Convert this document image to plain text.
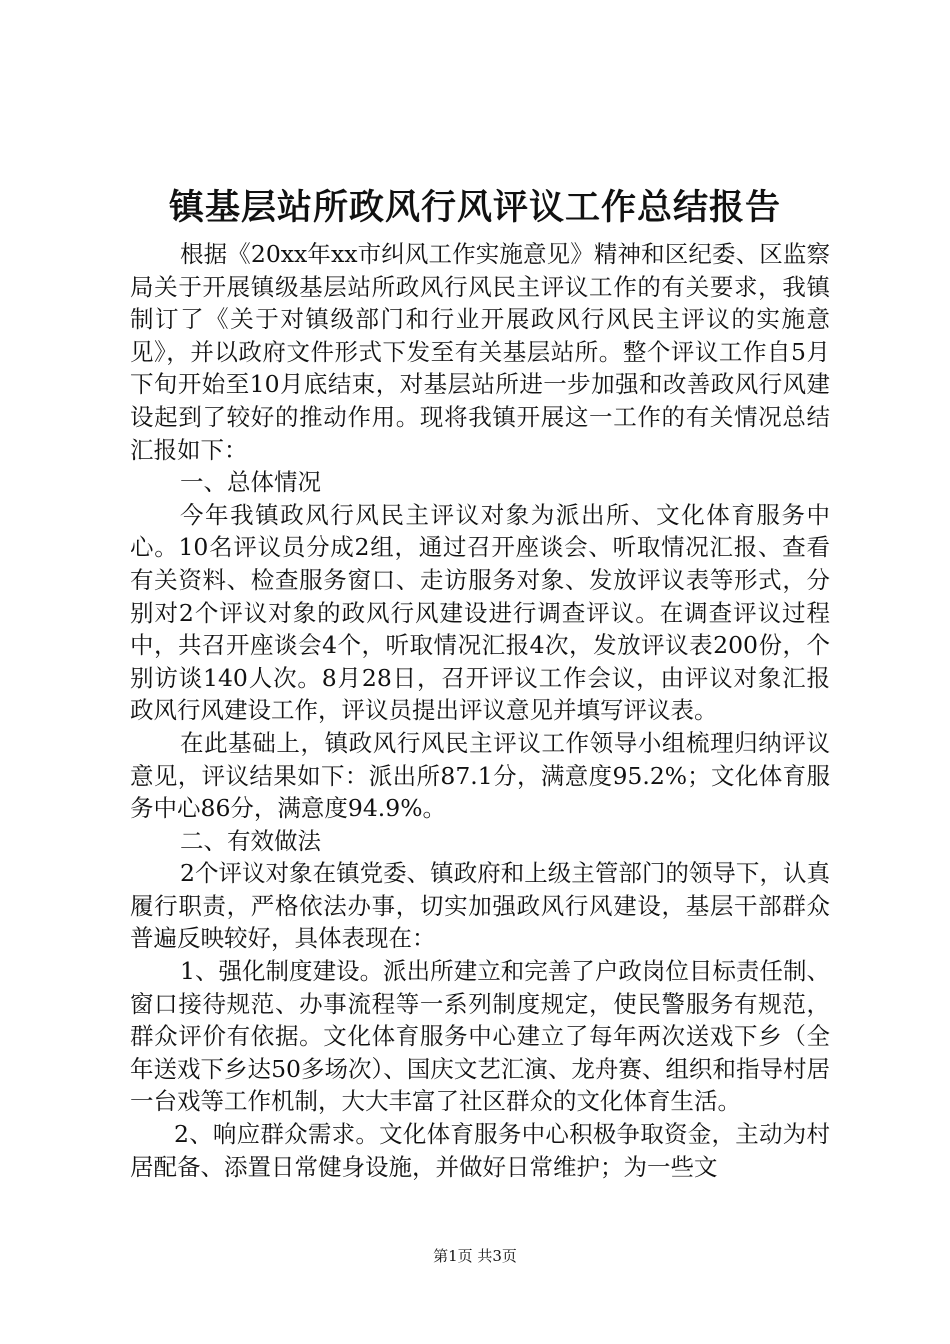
镇基层站所政风行风评议工作总结报告

根据《20xx年xx市纠风工作实施意见》精神和区纪委、区监察局关于开展镇级基层站所政风行风民主评议工作的有关要求，我镇制订了《关于对镇级部门和行业开展政风行风民主评议的实施意见》，并以政府文件形式下发至有关基层站所。整个评议工作自5月下旬开始至10月底结束，对基层站所进一步加强和改善政风行风建设起到了较好的推动作用。现将我镇开展这一工作的有关情况总结汇报如下：

一、总体情况

今年我镇政风行风民主评议对象为派出所、文化体育服务中心。10名评议员分成2组，通过召开座谈会、听取情况汇报、查看有关资料、检查服务窗口、走访服务对象、发放评议表等形式，分别对2个评议对象的政风行风建设进行调查评议。在调查评议过程中，共召开座谈会4个，听取情况汇报4次，发放评议表200份，个别访谈140人次。8月28日，召开评议工作会议，由评议对象汇报政风行风建设工作，评议员提出评议意见并填写评议表。

在此基础上，镇政风行风民主评议工作领导小组梳理归纳评议意见，评议结果如下：派出所87.1分，满意度95.2%；文化体育服务中心86分，满意度94.9%。

二、有效做法

2个评议对象在镇党委、镇政府和上级主管部门的领导下，认真履行职责，严格依法办事，切实加强政风行风建设，基层干部群众普遍反映较好，具体表现在：

1、强化制度建设。派出所建立和完善了户政岗位目标责任制、窗口接待规范、办事流程等一系列制度规定，使民警服务有规范，群众评价有依据。文化体育服务中心建立了每年两次送戏下乡（全年送戏下乡达50多场次）、国庆文艺汇演、龙舟赛、组织和指导村居一台戏等工作机制，大大丰富了社区群众的文化体育生活。

2、响应群众需求。文化体育服务中心积极争取资金，主动为村居配备、添置日常健身设施，并做好日常维护；为一些文

第1页 共3页
